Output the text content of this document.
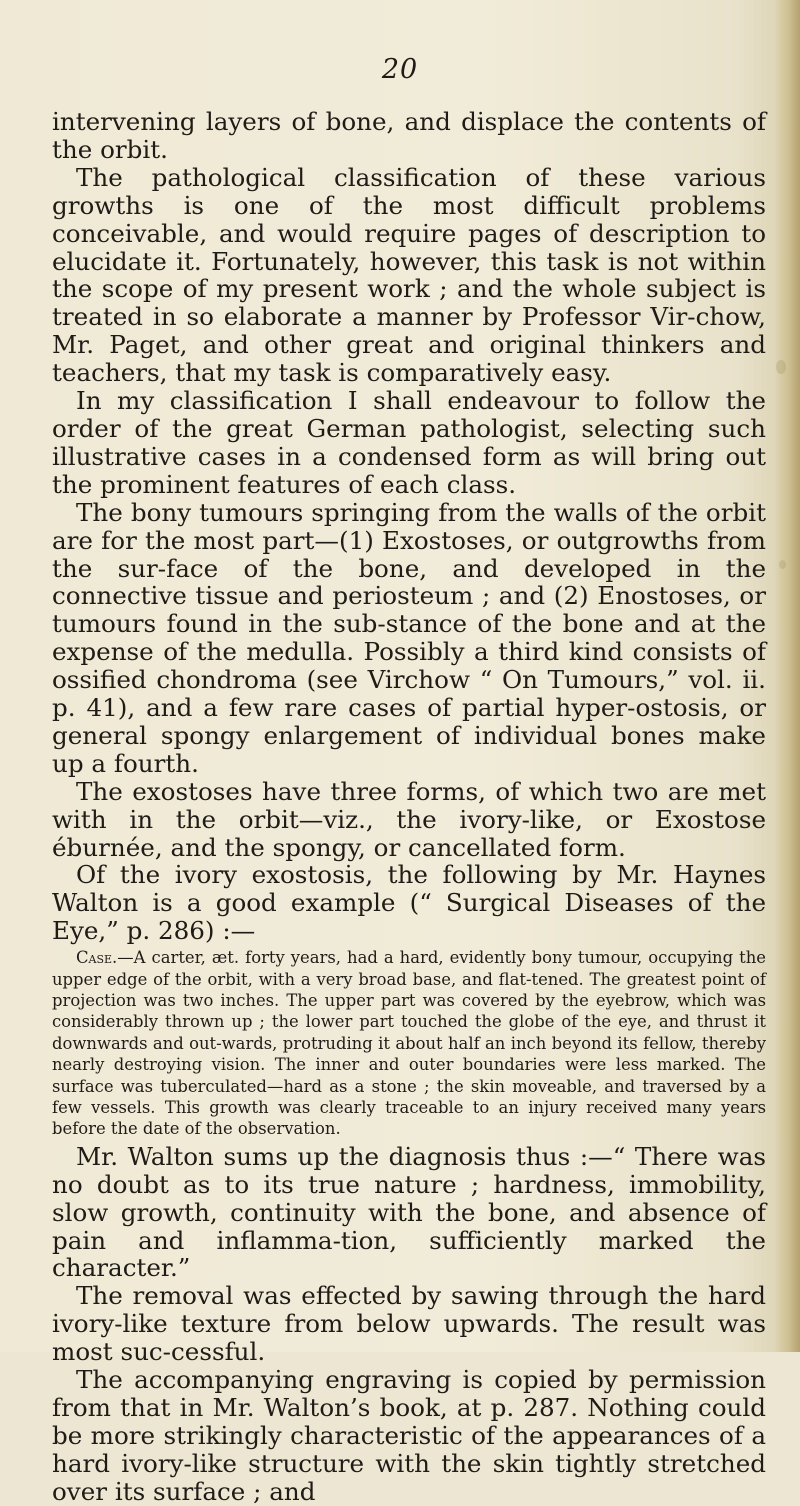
20

intervening layers of bone, and displace the contents of the orbit.

The pathological classification of these various growths is one of the most difficult problems conceivable, and would require pages of description to elucidate it. Fortunately, however, this task is not within the scope of my present work ; and the whole subject is treated in so elaborate a manner by Professor Vir-chow, Mr. Paget, and other great and original thinkers and teachers, that my task is comparatively easy.

In my classification I shall endeavour to follow the order of the great German pathologist, selecting such illustrative cases in a condensed form as will bring out the prominent features of each class.

The bony tumours springing from the walls of the orbit are for the most part—(1) Exostoses, or outgrowths from the sur-face of the bone, and developed in the connective tissue and periosteum ; and (2) Enostoses, or tumours found in the sub-stance of the bone and at the expense of the medulla. Possibly a third kind consists of ossified chondroma (see Virchow “ On Tumours,” vol. ii. p. 41), and a few rare cases of partial hyper-ostosis, or general spongy enlargement of individual bones make up a fourth.

The exostoses have three forms, of which two are met with in the orbit—viz., the ivory-like, or Exostose éburnée, and the spongy, or cancellated form.

Of the ivory exostosis, the following by Mr. Haynes Walton is a good example (“ Surgical Diseases of the Eye,” p. 286) :—

Case.—A carter, æt. forty years, had a hard, evidently bony tumour, occupying the upper edge of the orbit, with a very broad base, and flat-tened. The greatest point of projection was two inches. The upper part was covered by the eyebrow, which was considerably thrown up ; the lower part touched the globe of the eye, and thrust it downwards and out-wards, protruding it about half an inch beyond its fellow, thereby nearly destroying vision. The inner and outer boundaries were less marked. The surface was tuberculated—hard as a stone ; the skin moveable, and traversed by a few vessels. This growth was clearly traceable to an injury received many years before the date of the observation.

Mr. Walton sums up the diagnosis thus :—“ There was no doubt as to its true nature ; hardness, immobility, slow growth, continuity with the bone, and absence of pain and inflamma-tion, sufficiently marked the character.”

The removal was effected by sawing through the hard ivory-like texture from below upwards. The result was most suc-cessful.

The accompanying engraving is copied by permission from that in Mr. Walton’s book, at p. 287. Nothing could be more strikingly characteristic of the appearances of a hard ivory-like structure with the skin tightly stretched over its surface ; and
